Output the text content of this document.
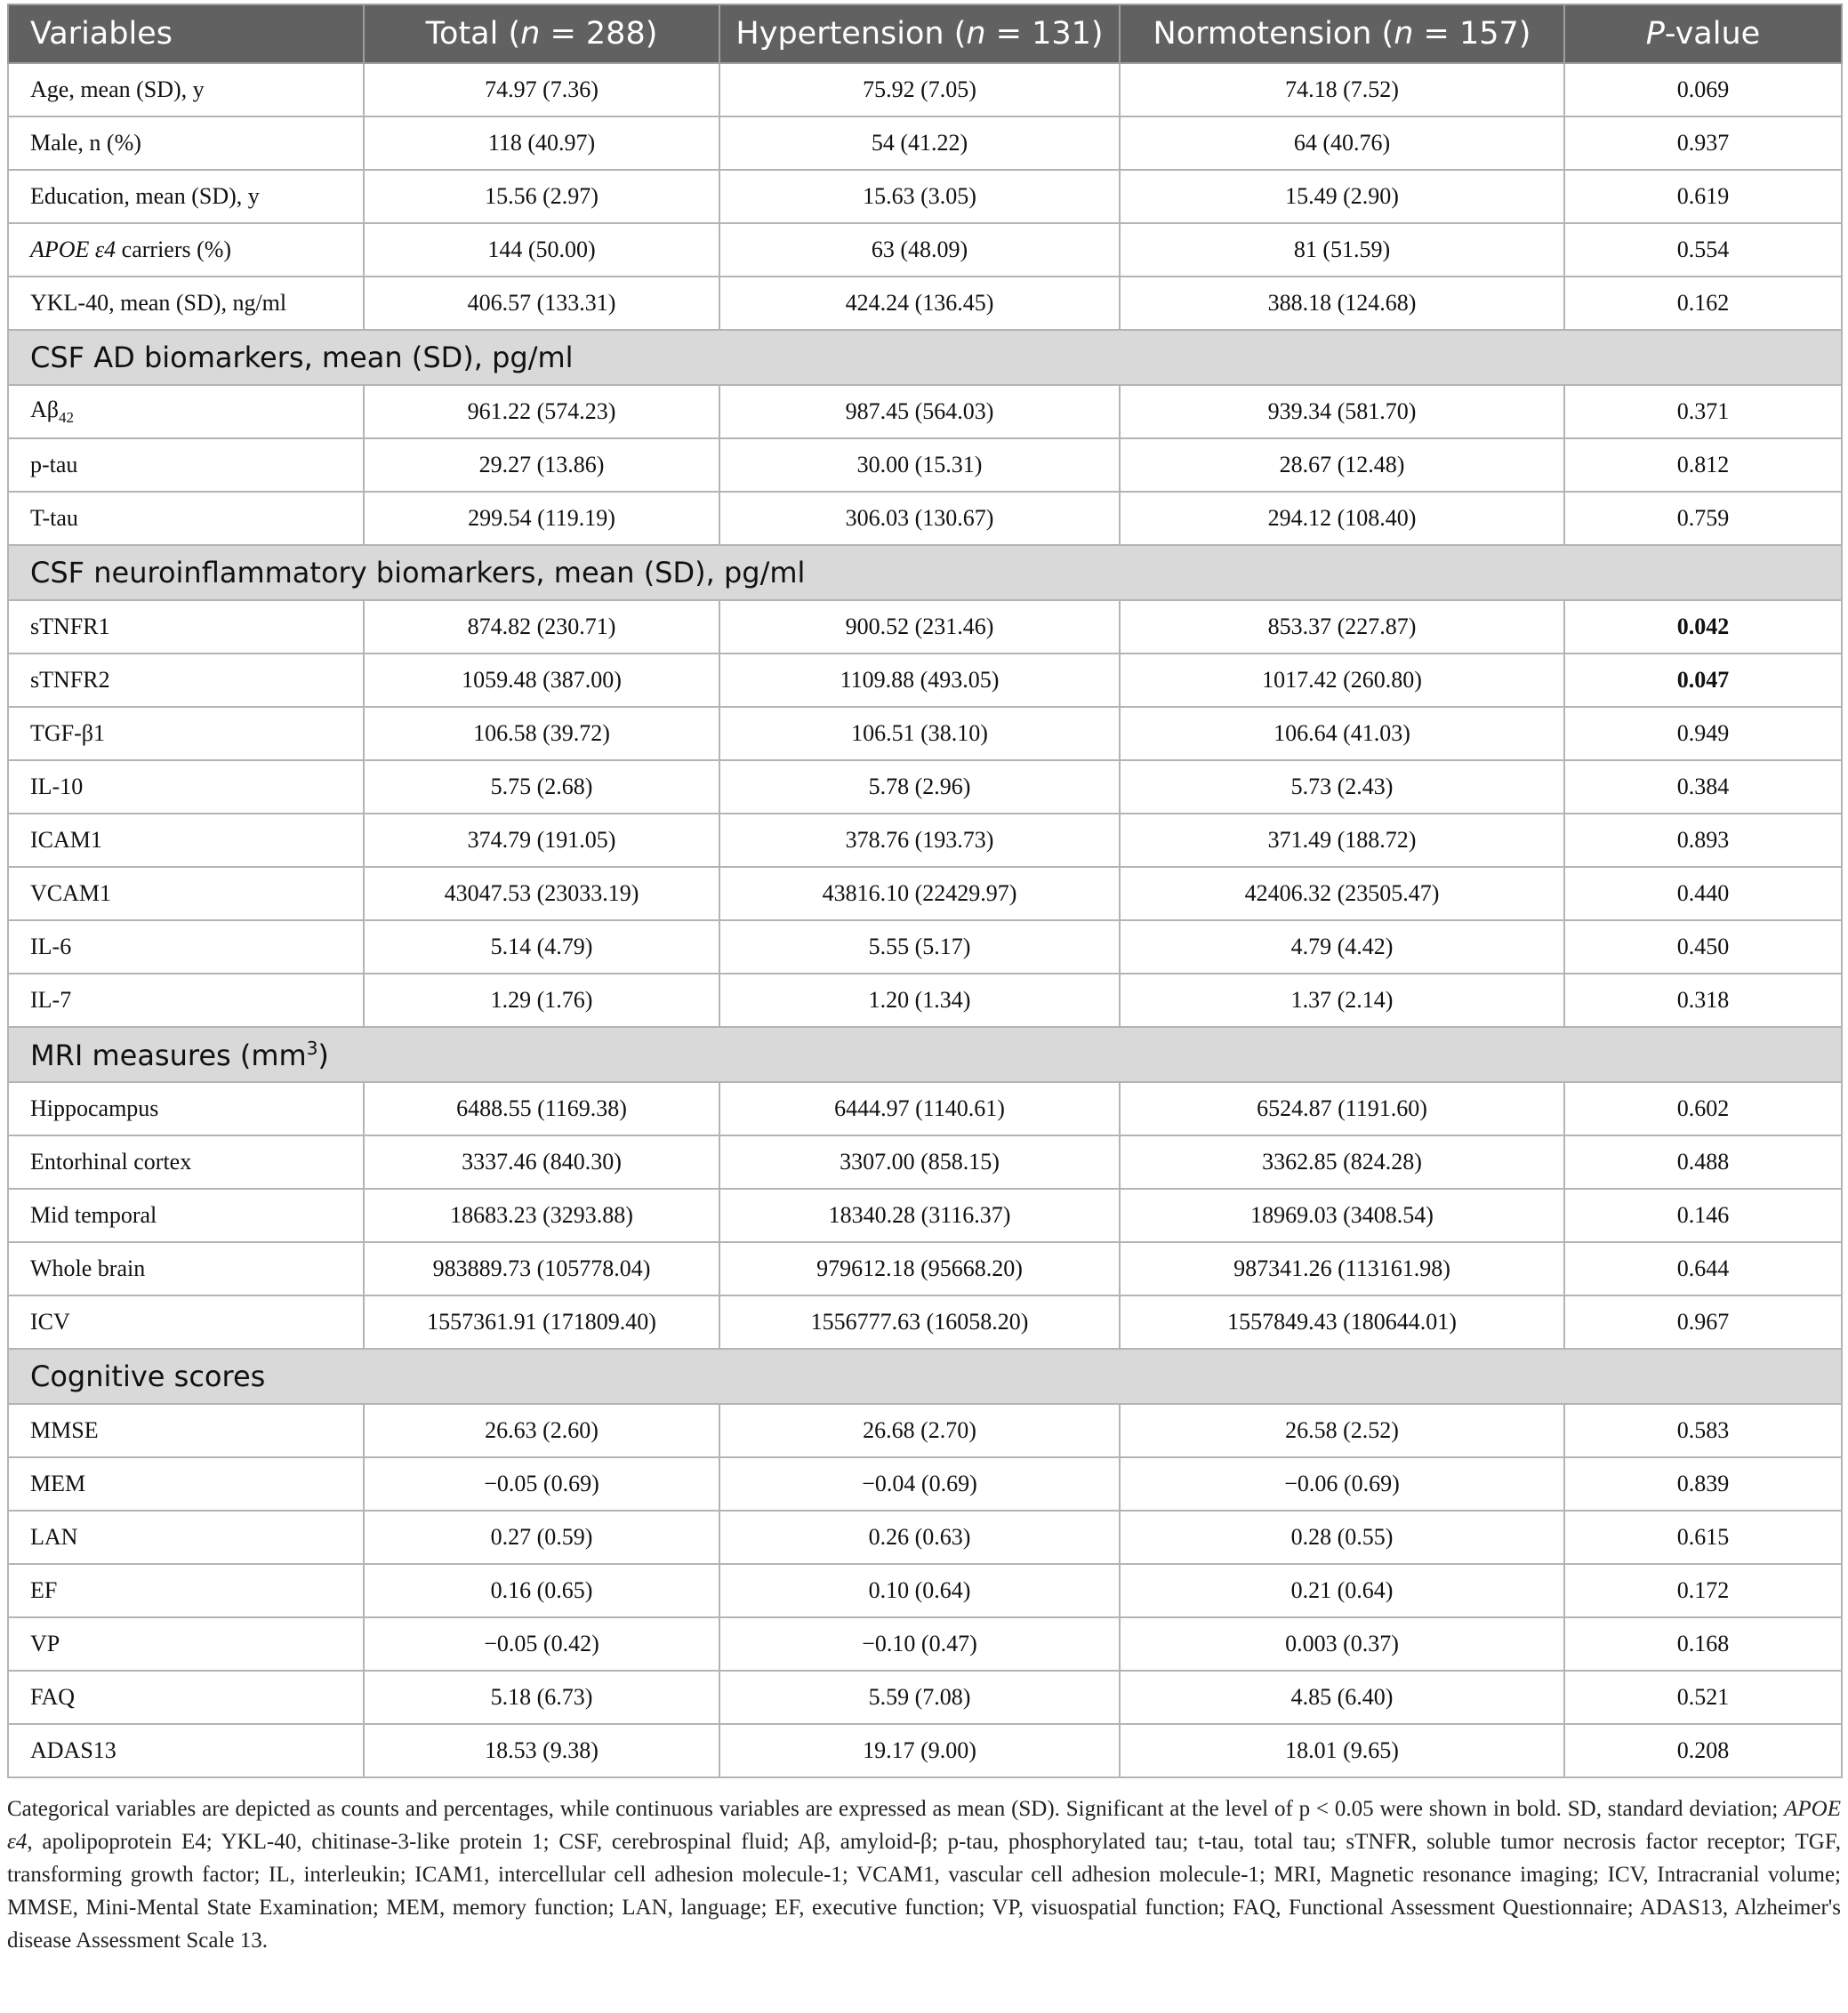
Variables	Total (n = 288)	Hypertension (n = 131)	Normotension (n = 157)	P-value
Age, mean (SD), y	74.97 (7.36)	75.92 (7.05)	74.18 (7.52)	0.069
Male, n (%)	118 (40.97)	54 (41.22)	64 (40.76)	0.937
Education, mean (SD), y	15.56 (2.97)	15.63 (3.05)	15.49 (2.90)	0.619
APOE ε4 carriers (%)	144 (50.00)	63 (48.09)	81 (51.59)	0.554
YKL-40, mean (SD), ng/ml	406.57 (133.31)	424.24 (136.45)	388.18 (124.68)	0.162
CSF AD biomarkers, mean (SD), pg/ml				
$A\beta_{42}$	961.22 (574.23)	987.45 (564.03)	939.34 (581.70)	0.371
p-tau	29.27 (13.86)	30.00 (15.31)	28.67 (12.48)	0.812
T-tau	299.54 (119.19)	306.03 (130.67)	294.12 (108.40)	0.759
CSF neuroinflammatory biomarkers, mean (SD), pg/ml				
sTNFR1	874.82 (230.71)	900.52 (231.46)	853.37 (227.87)	0.042
sTNFR2	1059.48 (387.00)	1109.88 (493.05)	1017.42 (260.80)	0.047
TGF-β1	106.58 (39.72)	106.51 (38.10)	106.64 (41.03)	0.949
IL-10	5.75 (2.68)	5.78 (2.96)	5.73 (2.43)	0.384
ICAM1	374.79 (191.05)	378.76 (193.73)	371.49 (188.72)	0.893
VCAM1	43047.53 (23033.19)	43816.10 (22429.97)	42406.32 (23505.47)	0.440
IL-6	5.14 (4.79)	5.55 (5.17)	4.79 (4.42)	0.450
IL-7	1.29 (1.76)	1.20 (1.34)	1.37 (2.14)	0.318
MRI measures $(mm^3)$				
Hippocampus	6488.55 (1169.38)	6444.97 (1140.61)	6524.87 (1191.60)	0.602
Entorhinal cortex	3337.46 (840.30)	3307.00 (858.15)	3362.85 (824.28)	0.488
Mid temporal	18683.23 (3293.88)	18340.28 (3116.37)	18969.03 (3408.54)	0.146
Whole brain	983889.73 (105778.04)	979612.18 (95668.20)	987341.26 (113161.98)	0.644
ICV	1557361.91 (171809.40)	1556777.63 (16058.20)	1557849.43 (180644.01)	0.967
Cognitive scores				
MMSE	26.63 (2.60)	26.68 (2.70)	26.58 (2.52)	0.583
MEM	−0.05 (0.69)	−0.04 (0.69)	−0.06 (0.69)	0.839
LAN	0.27 (0.59)	0.26 (0.63)	0.28 (0.55)	0.615
EF	0.16 (0.65)	0.10 (0.64)	0.21 (0.64)	0.172
VP	−0.05 (0.42)	−0.10 (0.47)	0.003 (0.37)	0.168
FAQ	5.18 (6.73)	5.59 (7.08)	4.85 (6.40)	0.521
ADAS13	18.53 (9.38)	19.17 (9.00)	18.01 (9.65)	0.208
Categorical variables are depicted as counts and percentages, while continuous variables are expressed as mean (SD). Significant at the level of p < 0.05 were shown in bold. SD, standard deviation; APOE ε4, apolipoprotein E4; YKL-40, chitinase-3-like protein 1; CSF, cerebrospinal fluid; Aβ, amyloid-β; p-tau, phosphorylated tau; t-tau, total tau; sTNFR, soluble tumor necrosis factor receptor; TGF, transforming growth factor; IL, interleukin; ICAM1, intercellular cell adhesion molecule-1; VCAM1, vascular cell adhesion molecule-1; MRI, Magnetic resonance imaging; ICV, Intracranial volume; MMSE, Mini-Mental State Examination; MEM, memory function; LAN, language; EF, executive function; VP, visuospatial function; FAQ, Functional Assessment Questionnaire; ADAS13, Alzheimer's disease Assessment Scale 13.
